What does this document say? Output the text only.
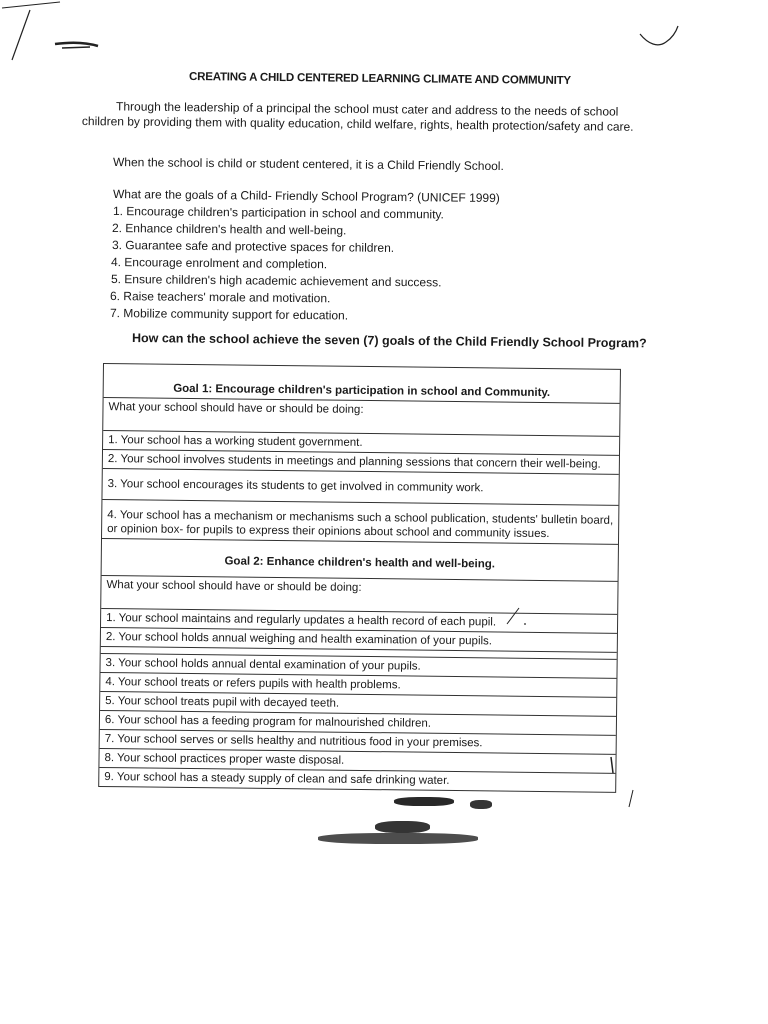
CREATING A CHILD CENTERED LEARNING CLIMATE AND COMMUNITY
Through the leadership of a principal the school must cater and address to the needs of school children by providing them with quality education, child welfare, rights, health protection/safety and care.
When the school is child or student centered, it is a Child Friendly School.
What are the goals of a Child- Friendly School Program? (UNICEF 1999)
1. Encourage children's participation in school and community.
2. Enhance children's health and well-being.
3. Guarantee safe and protective spaces for children.
4. Encourage enrolment and completion.
5. Ensure children's high academic achievement and success.
6. Raise teachers' morale and motivation.
7. Mobilize community support for education.
How can the school achieve the seven (7) goals of the Child Friendly School Program?
Goal 1: Encourage children's participation in school and Community.
What your school should have or should be doing:
1. Your school has a working student government.
2. Your school involves students in meetings and planning sessions that concern their well-being.
3. Your school encourages its students to get involved in community work.
4. Your school has a mechanism or mechanisms such a school publication, students' bulletin board, or opinion box- for pupils to express their opinions about school and community issues.
Goal 2: Enhance children's health and well-being.
What your school should have or should be doing:
1. Your school maintains and regularly updates a health record of each pupil.
2. Your school holds annual weighing and health examination of your pupils.
3. Your school holds annual dental examination of your pupils.
4. Your school treats or refers pupils with health problems.
5. Your school treats pupil with decayed teeth.
6. Your school has a feeding program for malnourished children.
7. Your school serves or sells healthy and nutritious food in your premises.
8. Your school practices proper waste disposal.
9. Your school has a steady supply of clean and safe drinking water.
